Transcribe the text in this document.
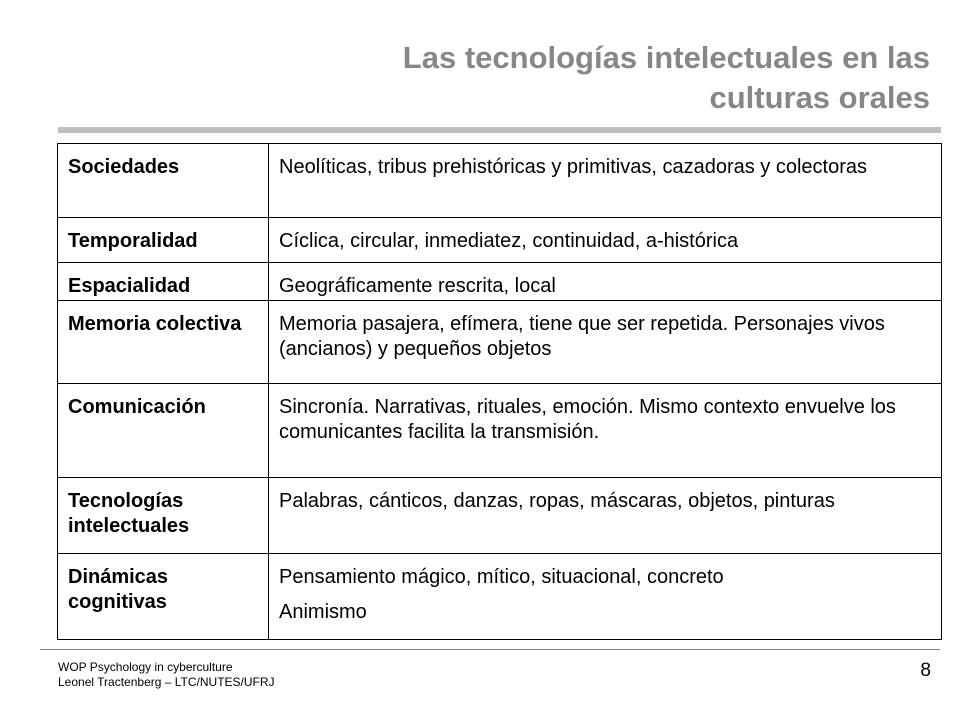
Las tecnologías intelectuales en las
culturas orales
Sociedades	Neolíticas, tribus prehistóricas y primitivas, cazadoras y colectoras
Temporalidad	Cíclica, circular, inmediatez, continuidad, a-histórica
Espacialidad	Geográficamente rescrita, local
Memoria colectiva	Memoria pasajera, efímera, tiene que ser repetida. Personajes vivos (ancianos) y pequeños objetos
Comunicación	Sincronía. Narrativas, rituales, emoción. Mismo contexto envuelve los comunicantes facilita la transmisión.
Tecnologías intelectuales	Palabras, cánticos, danzas, ropas, máscaras, objetos, pinturas
Dinámicas cognitivas	Pensamiento mágico, mítico, situacional, concreto
Animismo
WOP Psychology in cyberculture
Leonel Tractenberg – LTC/NUTES/UFRJ
8
